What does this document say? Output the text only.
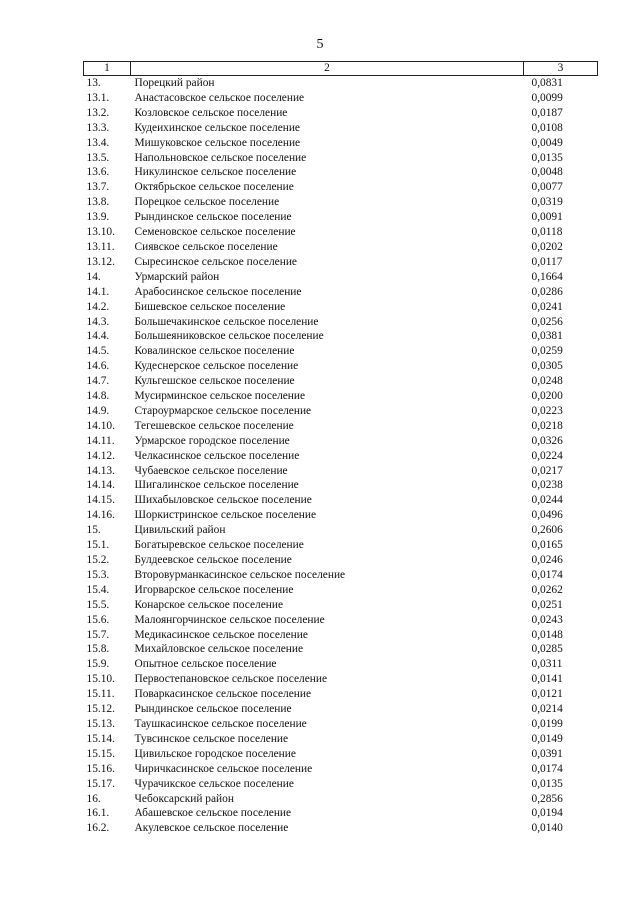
5
1	2	3
13.	Порецкий район	0,0831
13.1.	Анастасовское сельское поселение	0,0099
13.2.	Козловское сельское поселение	0,0187
13.3.	Кудеихинское сельское поселение	0,0108
13.4.	Мишуковское сельское поселение	0,0049
13.5.	Напольновское сельское поселение	0,0135
13.6.	Никулинское сельское поселение	0,0048
13.7.	Октябрьское сельское поселение	0,0077
13.8.	Порецкое сельское поселение	0,0319
13.9.	Рындинское сельское поселение	0,0091
13.10.	Семеновское сельское поселение	0,0118
13.11.	Сиявское сельское поселение	0,0202
13.12.	Сыресинское сельское поселение	0,0117
14.	Урмарский район	0,1664
14.1.	Арабосинское сельское поселение	0,0286
14.2.	Бишевское сельское поселение	0,0241
14.3.	Большечакинское сельское поселение	0,0256
14.4.	Большеяниковское сельское поселение	0,0381
14.5.	Ковалинское сельское поселение	0,0259
14.6.	Кудеснерское сельское поселение	0,0305
14.7.	Кульгешское сельское поселение	0,0248
14.8.	Мусирминское сельское поселение	0,0200
14.9.	Староурмарское сельское поселение	0,0223
14.10.	Тегешевское сельское поселение	0,0218
14.11.	Урмарское городское поселение	0,0326
14.12.	Челкасинское сельское поселение	0,0224
14.13.	Чубаевское сельское поселение	0,0217
14.14.	Шигалинское сельское поселение	0,0238
14.15.	Шихабыловское сельское поселение	0,0244
14.16.	Шоркистринское сельское поселение	0,0496
15.	Цивильский район	0,2606
15.1.	Богатыревское сельское поселение	0,0165
15.2.	Булдеевское сельское поселение	0,0246
15.3.	Второвурманкасинское сельское поселение	0,0174
15.4.	Игорварское сельское поселение	0,0262
15.5.	Конарское сельское поселение	0,0251
15.6.	Малоянгорчинское сельское поселение	0,0243
15.7.	Медикасинское сельское поселение	0,0148
15.8.	Михайловское сельское поселение	0,0285
15.9.	Опытное сельское поселение	0,0311
15.10.	Первостепановское сельское поселение	0,0141
15.11.	Поваркасинское сельское поселение	0,0121
15.12.	Рындинское сельское поселение	0,0214
15.13.	Таушкасинское сельское поселение	0,0199
15.14.	Тувсинское сельское поселение	0,0149
15.15.	Цивильское городское поселение	0,0391
15.16.	Чиричкасинское сельское поселение	0,0174
15.17.	Чурачикское сельское поселение	0,0135
16.	Чебоксарский район	0,2856
16.1.	Абашевское сельское поселение	0,0194
16.2.	Акулевское сельское поселение	0,0140
